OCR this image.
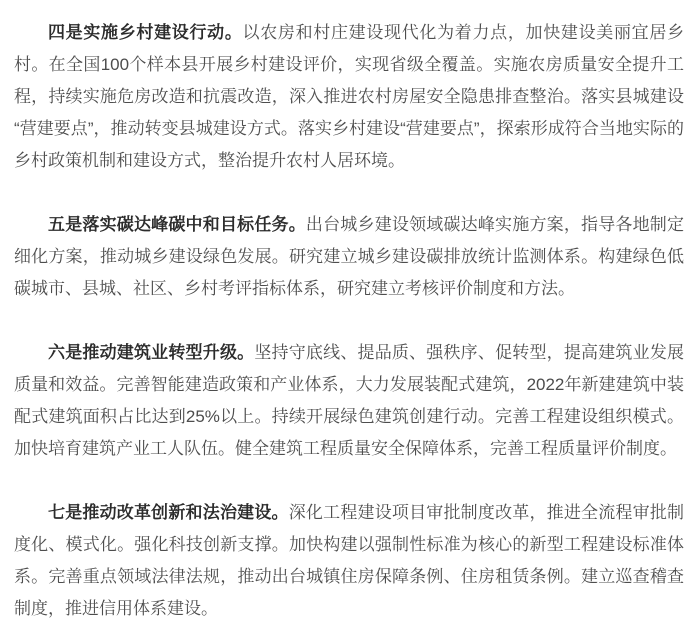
四是实施乡村建设行动。以农房和村庄建设现代化为着力点，加快建设美丽宜居乡村。在全国100个样本县开展乡村建设评价，实现省级全覆盖。实施农房质量安全提升工程，持续实施危房改造和抗震改造，深入推进农村房屋安全隐患排查整治。落实县城建设“营建要点”，推动转变县城建设方式。落实乡村建设“营建要点”，探索形成符合当地实际的乡村政策机制和建设方式，整治提升农村人居环境。

五是落实碳达峰碳中和目标任务。出台城乡建设领域碳达峰实施方案，指导各地制定细化方案，推动城乡建设绿色发展。研究建立城乡建设碳排放统计监测体系。构建绿色低碳城市、县城、社区、乡村考评指标体系，研究建立考核评价制度和方法。

六是推动建筑业转型升级。坚持守底线、提品质、强秩序、促转型，提高建筑业发展质量和效益。完善智能建造政策和产业体系，大力发展装配式建筑，2022年新建建筑中装配式建筑面积占比达到25%以上。持续开展绿色建筑创建行动。完善工程建设组织模式。加快培育建筑产业工人队伍。健全建筑工程质量安全保障体系，完善工程质量评价制度。

七是推动改革创新和法治建设。深化工程建设项目审批制度改革，推进全流程审批制度化、模式化。强化科技创新支撑。加快构建以强制性标准为核心的新型工程建设标准体系。完善重点领域法律法规，推动出台城镇住房保障条例、住房租赁条例。建立巡查稽查制度，推进信用体系建设。
